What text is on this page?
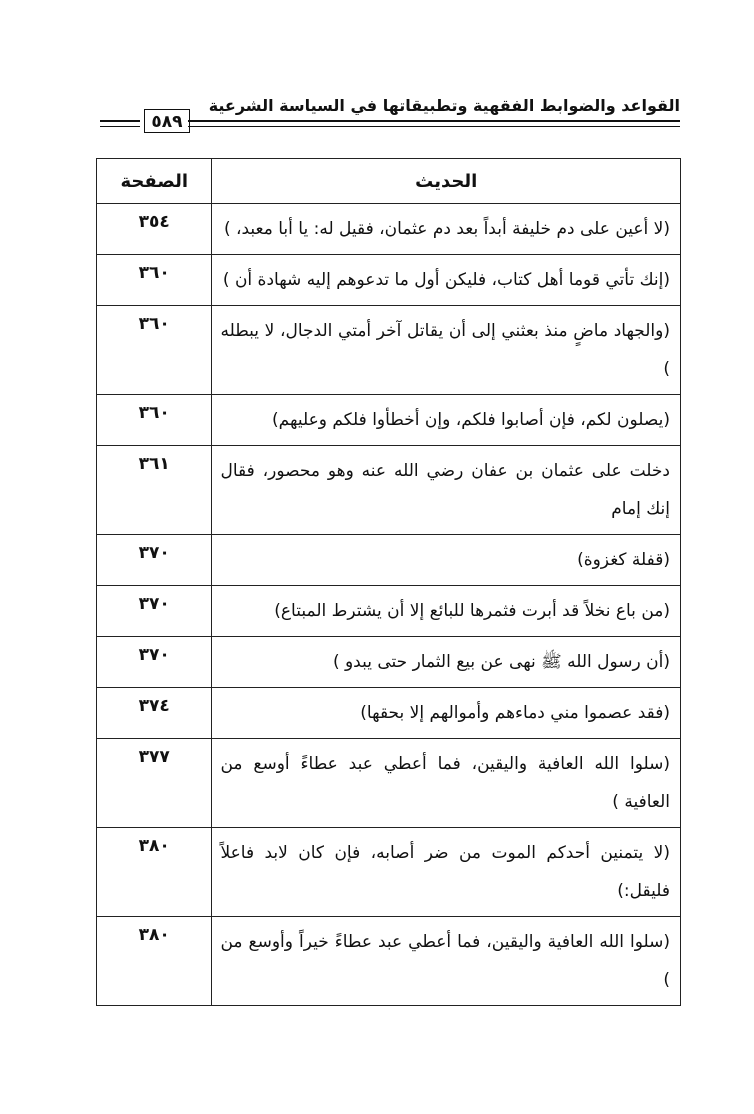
٥٨٩
القواعد والضوابط الفقهية وتطبيقاتها في السياسة الشرعية
الحديث	الصفحة
(لا أعين على دم خليفة أبداً بعد دم عثمان، فقيل له: يا أبا معبد، )	٣٥٤
(إنك تأتي قوما أهل كتاب، فليكن أول ما تدعوهم إليه شهادة أن )	٣٦٠
(والجهاد ماضٍ منذ بعثني إلى أن يقاتل آخر أمتي الدجال، لا يبطله )	٣٦٠
(يصلون لكم، فإن أصابوا فلكم، وإن أخطأوا فلكم وعليهم)	٣٦٠
دخلت على عثمان بن عفان رضي الله عنه وهو محصور، فقال إنك إمام	٣٦١
(قفلة كغزوة)	٣٧٠
(من باع نخلاً قد أبرت فثمرها للبائع إلا أن يشترط المبتاع)	٣٧٠
(أن رسول الله ﷺ نهى عن بيع الثمار حتى يبدو )	٣٧٠
(فقد عصموا مني دماءهم وأموالهم إلا بحقها)	٣٧٤
(سلوا الله العافية واليقين، فما أعطي عبد عطاءً أوسع من العافية )	٣٧٧
(لا يتمنين أحدكم الموت من ضر أصابه، فإن كان لابد فاعلاً فليقل:)	٣٨٠
(سلوا الله العافية واليقين، فما أعطي عبد عطاءً خيراً وأوسع من )	٣٨٠
